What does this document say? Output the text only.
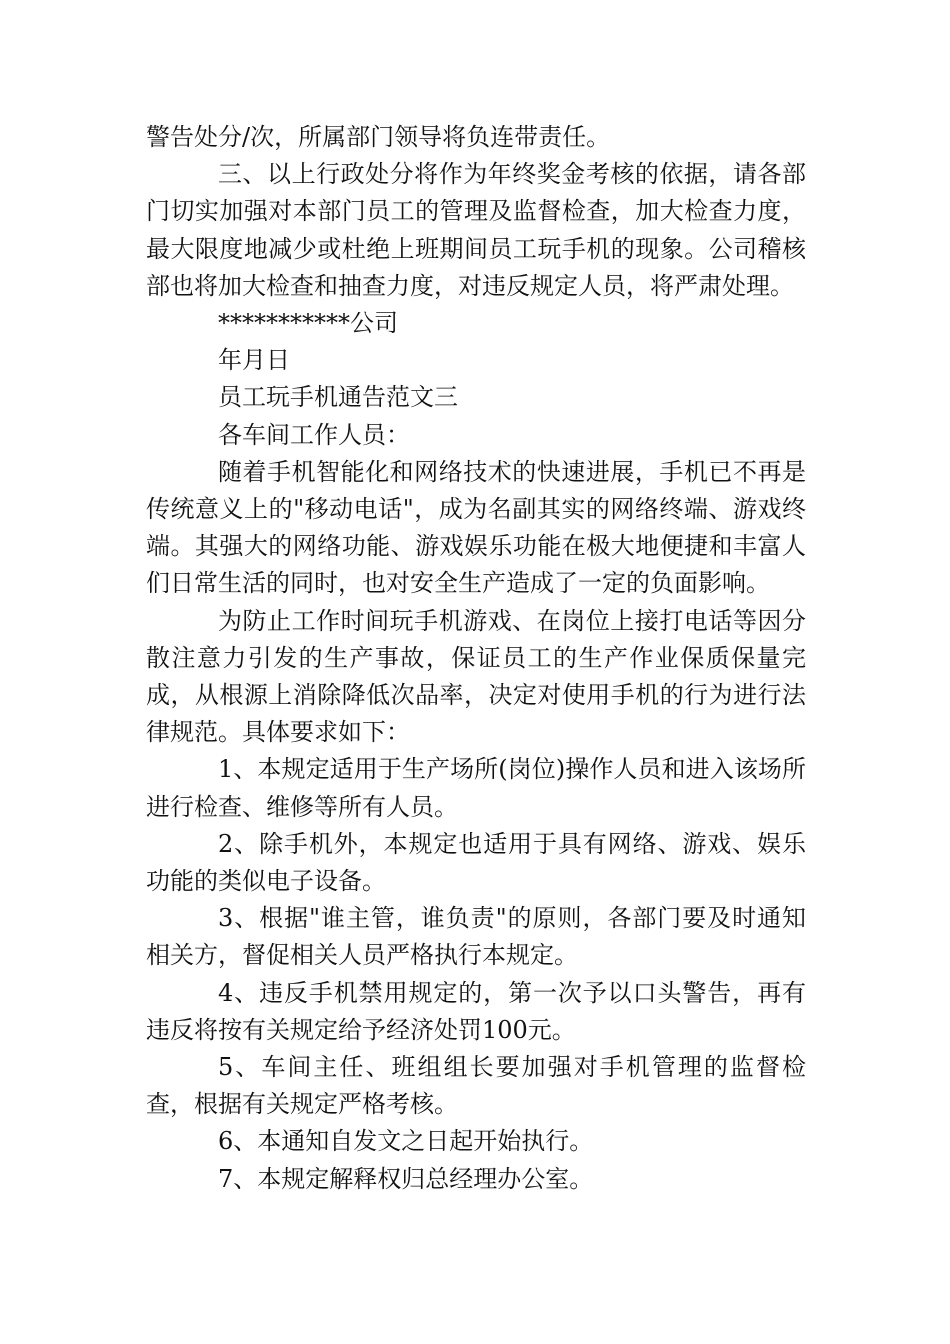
警告处分/次，所属部门领导将负连带责任。

三、以上行政处分将作为年终奖金考核的依据，请各部门切实加强对本部门员工的管理及监督检查，加大检查力度，最大限度地减少或杜绝上班期间员工玩手机的现象。公司稽核部也将加大检查和抽查力度，对违反规定人员，将严肃处理。

***********公司

年月日

员工玩手机通告范文三

各车间工作人员：

随着手机智能化和网络技术的快速进展，手机已不再是传统意义上的"移动电话"，成为名副其实的网络终端、游戏终端。其强大的网络功能、游戏娱乐功能在极大地便捷和丰富人们日常生活的同时，也对安全生产造成了一定的负面影响。

为防止工作时间玩手机游戏、在岗位上接打电话等因分散注意力引发的生产事故，保证员工的生产作业保质保量完成，从根源上消除降低次品率，决定对使用手机的行为进行法律规范。具体要求如下：

1、本规定适用于生产场所(岗位)操作人员和进入该场所进行检查、维修等所有人员。

2、除手机外，本规定也适用于具有网络、游戏、娱乐功能的类似电子设备。

3、根据"谁主管，谁负责"的原则，各部门要及时通知相关方，督促相关人员严格执行本规定。

4、违反手机禁用规定的，第一次予以口头警告，再有违反将按有关规定给予经济处罚100元。

5、车间主任、班组组长要加强对手机管理的监督检查，根据有关规定严格考核。

6、本通知自发文之日起开始执行。

7、本规定解释权归总经理办公室。
